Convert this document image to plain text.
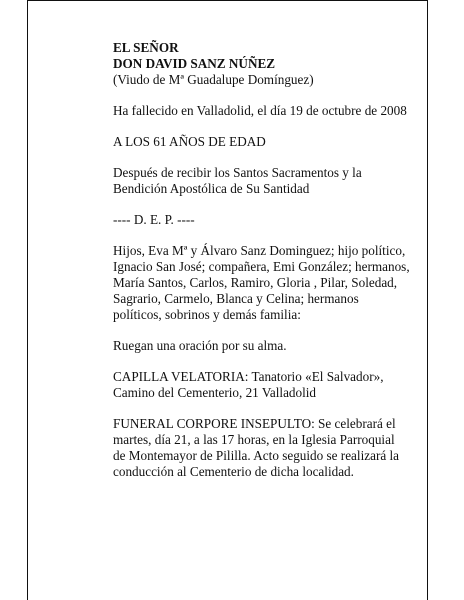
EL SEÑOR
DON DAVID SANZ NÚÑEZ
(Viudo de Mª Guadalupe Domínguez)
Ha fallecido en Valladolid, el día 19 de octubre de 2008
A LOS 61 AÑOS DE EDAD
Después de recibir los Santos Sacramentos y la
Bendición Apostólica de Su Santidad
---- D. E. P. ----
Hijos, Eva Mª y Álvaro Sanz Dominguez; hijo político,
Ignacio San José; compañera, Emi González; hermanos,
María Santos, Carlos, Ramiro, Gloria , Pilar, Soledad,
Sagrario, Carmelo, Blanca y Celina; hermanos
políticos, sobrinos y demás familia:
Ruegan una oración por su alma.
CAPILLA VELATORIA: Tanatorio «El Salvador»,
Camino del Cementerio, 21 Valladolid
FUNERAL CORPORE INSEPULTO: Se celebrará el
martes, día 21, a las 17 horas, en la Iglesia Parroquial
de Montemayor de Pililla. Acto seguido se realizará la
conducción al Cementerio de dicha localidad.
